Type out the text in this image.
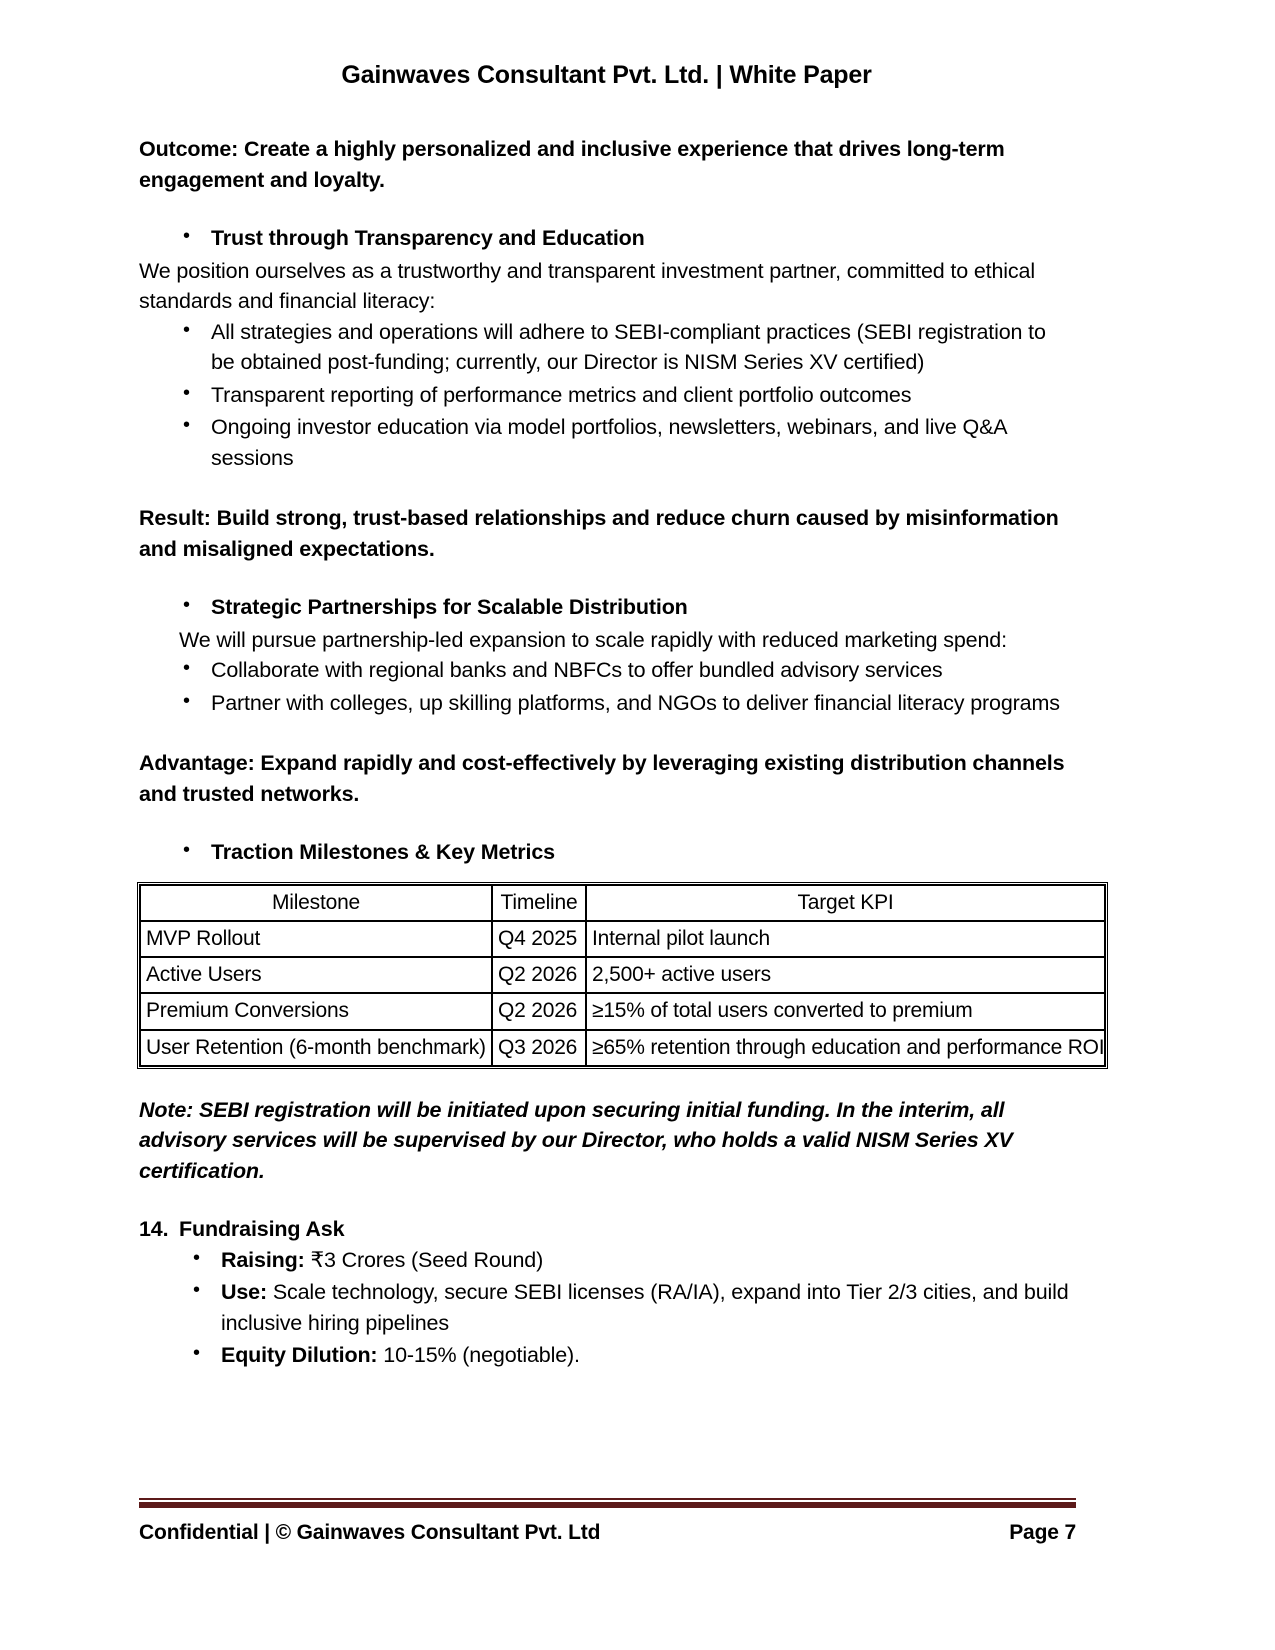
Gainwaves Consultant Pvt. Ltd. | White Paper

Outcome: Create a highly personalized and inclusive experience that drives long-term engagement and loyalty.

• Trust through Transparency and Education

We position ourselves as a trustworthy and transparent investment partner, committed to ethical standards and financial literacy:

• All strategies and operations will adhere to SEBI-compliant practices (SEBI registration to be obtained post-funding; currently, our Director is NISM Series XV certified)
• Transparent reporting of performance metrics and client portfolio outcomes
• Ongoing investor education via model portfolios, newsletters, webinars, and live Q&A sessions

Result: Build strong, trust-based relationships and reduce churn caused by misinformation and misaligned expectations.

• Strategic Partnerships for Scalable Distribution

We will pursue partnership-led expansion to scale rapidly with reduced marketing spend:

• Collaborate with regional banks and NBFCs to offer bundled advisory services
• Partner with colleges, up skilling platforms, and NGOs to deliver financial literacy programs

Advantage: Expand rapidly and cost-effectively by leveraging existing distribution channels and trusted networks.

• Traction Milestones & Key Metrics
Milestone	Timeline	Target KPI
MVP Rollout	Q4 2025	Internal pilot launch
Active Users	Q2 2026	2,500+ active users
Premium Conversions	Q2 2026	≥15% of total users converted to premium
User Retention (6-month benchmark)	Q3 2026	≥65% retention through education and performance ROI

Note: SEBI registration will be initiated upon securing initial funding. In the interim, all advisory services will be supervised by our Director, who holds a valid NISM Series XV certification.

14. Fundraising Ask
• Raising: ₹3 Crores (Seed Round)
• Use: Scale technology, secure SEBI licenses (RA/IA), expand into Tier 2/3 cities, and build inclusive hiring pipelines
• Equity Dilution: 10-15% (negotiable).
Confidential | © Gainwaves Consultant Pvt. Ltd	Page 7
